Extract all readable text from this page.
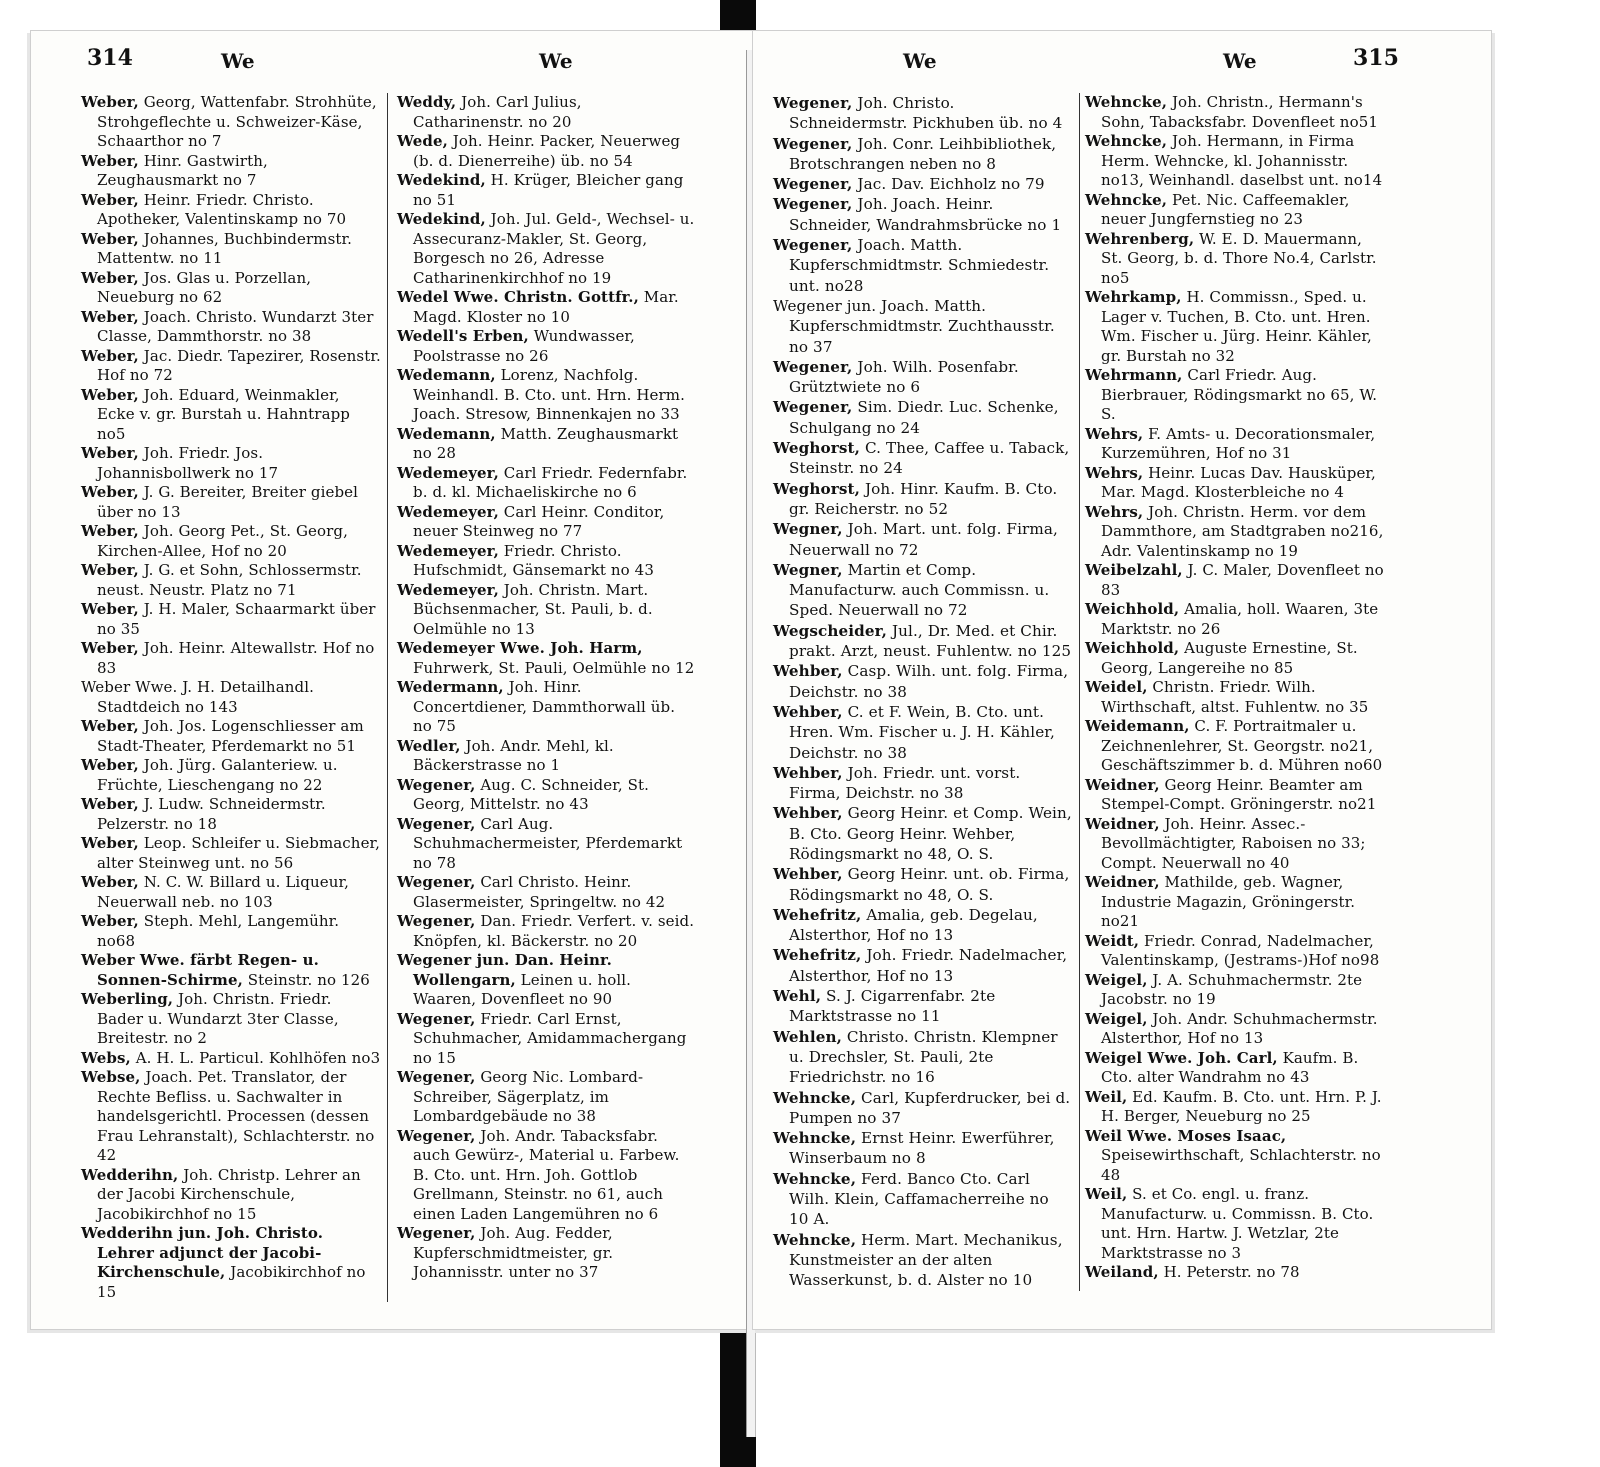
314	We	We

Weber, Georg, Wattenfabr. Strohhüte, Strohgeflechte u. Schweizer-Käse, Schaarthor no 7

Weber, Hinr. Gastwirth, Zeughausmarkt no 7

Weber, Heinr. Friedr. Christo. Apotheker, Valentinskamp no 70

Weber, Johannes, Buchbindermstr. Mattentw. no 11

Weber, Jos. Glas u. Porzellan, Neueburg no 62

Weber, Joach. Christo. Wundarzt 3ter Classe, Dammthorstr. no 38

Weber, Jac. Diedr. Tapezirer, Rosenstr. Hof no 72

Weber, Joh. Eduard, Weinmakler, Ecke v. gr. Burstah u. Hahntrapp no5

Weber, Joh. Friedr. Jos. Johannisbollwerk no 17

Weber, J. G. Bereiter, Breiter giebel über no 13

Weber, Joh. Georg Pet., St. Georg, Kirchen-Allee, Hof no 20

Weber, J. G. et Sohn, Schlossermstr. neust. Neustr. Platz no 71

Weber, J. H. Maler, Schaarmarkt über no 35

Weber, Joh. Heinr. Altewallstr. Hof no 83

Weber Wwe. J. H. Detailhandl. Stadtdeich no 143

Weber, Joh. Jos. Logenschliesser am Stadt-Theater, Pferdemarkt no 51

Weber, Joh. Jürg. Galanteriew. u. Früchte, Lieschengang no 22

Weber, J. Ludw. Schneidermstr. Pelzerstr. no 18

Weber, Leop. Schleifer u. Siebmacher, alter Steinweg unt. no 56

Weber, N. C. W. Billard u. Liqueur, Neuerwall neb. no 103

Weber, Steph. Mehl, Langemühr. no68

Weber Wwe. färbt Regen- u. Sonnen-Schirme, Steinstr. no 126

Weberling, Joh. Christn. Friedr. Bader u. Wundarzt 3ter Classe, Breitestr. no 2

Webs, A. H. L. Particul. Kohlhöfen no3

Webse, Joach. Pet. Translator, der Rechte Befliss. u. Sachwalter in handelsgerichtl. Processen (dessen Frau Lehranstalt), Schlachterstr. no 42

Wedderihn, Joh. Christp. Lehrer an der Jacobi Kirchenschule, Jacobikirchhof no 15

Wedderihn jun. Joh. Christo. Lehrer adjunct der Jacobi-Kirchenschule, Jacobikirchhof no 15

Weddy, Joh. Carl Julius, Catharinenstr. no 20

Wede, Joh. Heinr. Packer, Neuerweg (b. d. Dienerreihe) üb. no 54

Wedekind, H. Krüger, Bleicher gang no 51

Wedekind, Joh. Jul. Geld-, Wechsel- u. Assecuranz-Makler, St. Georg, Borgesch no 26, Adresse Catharinenkirchhof no 19

Wedel Wwe. Christn. Gottfr., Mar. Magd. Kloster no 10

Wedell's Erben, Wundwasser, Poolstrasse no 26

Wedemann, Lorenz, Nachfolg. Weinhandl. B. Cto. unt. Hrn. Herm. Joach. Stresow, Binnenkajen no 33

Wedemann, Matth. Zeughausmarkt no 28

Wedemeyer, Carl Friedr. Federnfabr. b. d. kl. Michaeliskirche no 6

Wedemeyer, Carl Heinr. Conditor, neuer Steinweg no 77

Wedemeyer, Friedr. Christo. Hufschmidt, Gänsemarkt no 43

Wedemeyer, Joh. Christn. Mart. Büchsenmacher, St. Pauli, b. d. Oelmühle no 13

Wedemeyer Wwe. Joh. Harm, Fuhrwerk, St. Pauli, Oelmühle no 12

Wedermann, Joh. Hinr. Concertdiener, Dammthorwall üb. no 75

Wedler, Joh. Andr. Mehl, kl. Bäckerstrasse no 1

Wegener, Aug. C. Schneider, St. Georg, Mittelstr. no 43

Wegener, Carl Aug. Schuhmachermeister, Pferdemarkt no 78

Wegener, Carl Christo. Heinr. Glasermeister, Springeltw. no 42

Wegener, Dan. Friedr. Verfert. v. seid. Knöpfen, kl. Bäckerstr. no 20

Wegener jun. Dan. Heinr. Wollengarn, Leinen u. holl. Waaren, Dovenfleet no 90

Wegener, Friedr. Carl Ernst, Schuhmacher, Amidammachergang no 15

Wegener, Georg Nic. Lombard-Schreiber, Sägerplatz, im Lombardgebäude no 38

Wegener, Joh. Andr. Tabacksfabr. auch Gewürz-, Material u. Farbew. B. Cto. unt. Hrn. Joh. Gottlob Grellmann, Steinstr. no 61, auch einen Laden Langemühren no 6

Wegener, Joh. Aug. Fedder, Kupferschmidtmeister, gr. Johannisstr. unter no 37

We	We	315

Wegener, Joh. Christo. Schneidermstr. Pickhuben üb. no 4

Wegener, Joh. Conr. Leihbibliothek, Brotschrangen neben no 8

Wegener, Jac. Dav. Eichholz no 79

Wegener, Joh. Joach. Heinr. Schneider, Wandrahmsbrücke no 1

Wegener, Joach. Matth. Kupferschmidtmstr. Schmiedestr. unt. no28

Wegener jun. Joach. Matth. Kupferschmidtmstr. Zuchthausstr. no 37

Wegener, Joh. Wilh. Posenfabr. Grütztwiete no 6

Wegener, Sim. Diedr. Luc. Schenke, Schulgang no 24

Weghorst, C. Thee, Caffee u. Taback, Steinstr. no 24

Weghorst, Joh. Hinr. Kaufm. B. Cto. gr. Reicherstr. no 52

Wegner, Joh. Mart. unt. folg. Firma, Neuerwall no 72

Wegner, Martin et Comp. Manufacturw. auch Commissn. u. Sped. Neuerwall no 72

Wegscheider, Jul., Dr. Med. et Chir. prakt. Arzt, neust. Fuhlentw. no 125

Wehber, Casp. Wilh. unt. folg. Firma, Deichstr. no 38

Wehber, C. et F. Wein, B. Cto. unt. Hren. Wm. Fischer u. J. H. Kähler, Deichstr. no 38

Wehber, Joh. Friedr. unt. vorst. Firma, Deichstr. no 38

Wehber, Georg Heinr. et Comp. Wein, B. Cto. Georg Heinr. Wehber, Rödingsmarkt no 48, O. S.

Wehber, Georg Heinr. unt. ob. Firma, Rödingsmarkt no 48, O. S.

Wehefritz, Amalia, geb. Degelau, Alsterthor, Hof no 13

Wehefritz, Joh. Friedr. Nadelmacher, Alsterthor, Hof no 13

Wehl, S. J. Cigarrenfabr. 2te Marktstrasse no 11

Wehlen, Christo. Christn. Klempner u. Drechsler, St. Pauli, 2te Friedrichstr. no 16

Wehncke, Carl, Kupferdrucker, bei d. Pumpen no 37

Wehncke, Ernst Heinr. Ewerführer, Winserbaum no 8

Wehncke, Ferd. Banco Cto. Carl Wilh. Klein, Caffamacherreihe no 10 A.

Wehncke, Herm. Mart. Mechanikus, Kunstmeister an der alten Wasserkunst, b. d. Alster no 10

Wehncke, Joh. Christn., Hermann's Sohn, Tabacksfabr. Dovenfleet no51

Wehncke, Joh. Hermann, in Firma Herm. Wehncke, kl. Johannisstr. no13, Weinhandl. daselbst unt. no14

Wehncke, Pet. Nic. Caffeemakler, neuer Jungfernstieg no 23

Wehrenberg, W. E. D. Mauermann, St. Georg, b. d. Thore No.4, Carlstr. no5

Wehrkamp, H. Commissn., Sped. u. Lager v. Tuchen, B. Cto. unt. Hren. Wm. Fischer u. Jürg. Heinr. Kähler, gr. Burstah no 32

Wehrmann, Carl Friedr. Aug. Bierbrauer, Rödingsmarkt no 65, W. S.

Wehrs, F. Amts- u. Decorationsmaler, Kurzemühren, Hof no 31

Wehrs, Heinr. Lucas Dav. Hausküper, Mar. Magd. Klosterbleiche no 4

Wehrs, Joh. Christn. Herm. vor dem Dammthore, am Stadtgraben no216, Adr. Valentinskamp no 19

Weibelzahl, J. C. Maler, Dovenfleet no 83

Weichhold, Amalia, holl. Waaren, 3te Marktstr. no 26

Weichhold, Auguste Ernestine, St. Georg, Langereihe no 85

Weidel, Christn. Friedr. Wilh. Wirthschaft, altst. Fuhlentw. no 35

Weidemann, C. F. Portraitmaler u. Zeichnenlehrer, St. Georgstr. no21, Geschäftszimmer b. d. Mühren no60

Weidner, Georg Heinr. Beamter am Stempel-Compt. Gröningerstr. no21

Weidner, Joh. Heinr. Assec.-Bevollmächtigter, Raboisen no 33; Compt. Neuerwall no 40

Weidner, Mathilde, geb. Wagner, Industrie Magazin, Gröningerstr. no21

Weidt, Friedr. Conrad, Nadelmacher, Valentinskamp, (Jestrams-)Hof no98

Weigel, J. A. Schuhmachermstr. 2te Jacobstr. no 19

Weigel, Joh. Andr. Schuhmachermstr. Alsterthor, Hof no 13

Weigel Wwe. Joh. Carl, Kaufm. B. Cto. alter Wandrahm no 43

Weil, Ed. Kaufm. B. Cto. unt. Hrn. P. J. H. Berger, Neueburg no 25

Weil Wwe. Moses Isaac, Speisewirthschaft, Schlachterstr. no 48

Weil, S. et Co. engl. u. franz. Manufacturw. u. Commissn. B. Cto. unt. Hrn. Hartw. J. Wetzlar, 2te Marktstrasse no 3

Weiland, H. Peterstr. no 78
